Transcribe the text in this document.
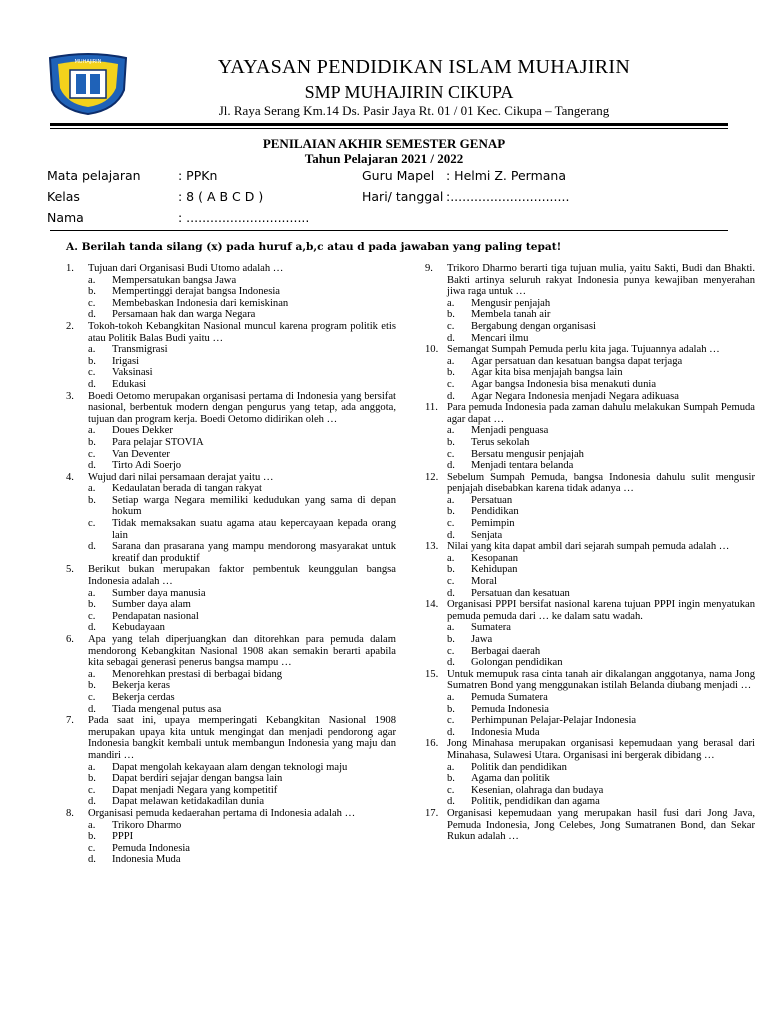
MUHAJIRIN	YAYASAN PENDIDIKAN ISLAM MUHAJIRIN
SMP MUHAJIRIN CIKUPA
Jl. Raya Serang Km.14 Ds. Pasir Jaya Rt. 01 / 01 Kec. Cikupa – Tangerang
PENILAIAN AKHIR SEMESTER GENAP
Tahun Pelajaran 2021 / 2022
Mata pelajaran	: PPKn	Guru Mapel : Helmi Z. Permana
Kelas	: 8 ( A B C D )	Hari/ tanggal :..............................
Nama	: ...............................
A. Berilah tanda silang (x) pada huruf a,b,c atau d pada jawaban yang paling tepat!
1. Tujuan dari Organisasi Budi Utomo adalah …
a. Mempersatukan bangsa Jawa
b. Mempertinggi derajat bangsa Indonesia
c. Membebaskan Indonesia dari kemiskinan
d. Persamaan hak dan warga Negara
2. Tokoh-tokoh Kebangkitan Nasional muncul karena program politik etis atau Politik Balas Budi yaitu …
a. Transmigrasi
b. Irigasi
c. Vaksinasi
d. Edukasi
3. Boedi Oetomo merupakan organisasi pertama di Indonesia yang bersifat nasional, berbentuk modern dengan pengurus yang tetap, ada anggota, tujuan dan program kerja. Boedi Oetomo didirikan oleh …
a. Doues Dekker
b. Para pelajar STOVIA
c. Van Deventer
d. Tirto Adi Soerjo
4. Wujud dari nilai persamaan derajat yaitu …
a. Kedaulatan berada di tangan rakyat
b. Setiap warga Negara memiliki kedudukan yang sama di depan hokum
c. Tidak memaksakan suatu agama atau kepercayaan kepada orang lain
d. Sarana dan prasarana yang mampu mendorong masyarakat untuk kreatif dan produktif
5. Berikut bukan merupakan faktor pembentuk keunggulan bangsa Indonesia adalah …
a. Sumber daya manusia
b. Sumber daya alam
c. Pendapatan nasional
d. Kebudayaan
6. Apa yang telah diperjuangkan dan ditorehkan para pemuda dalam mendorong Kebangkitan Nasional 1908 akan semakin berarti apabila kita sebagai generasi penerus bangsa mampu …
a. Menorehkan prestasi di berbagai bidang
b. Bekerja keras
c. Bekerja cerdas
d. Tiada mengenal putus asa
7. Pada saat ini, upaya memperingati Kebangkitan Nasional 1908 merupakan upaya kita untuk mengingat dan menjadi pendorong agar Indonesia bangkit kembali untuk membangun Indonesia yang maju dan mandiri …
a. Dapat mengolah kekayaan alam dengan teknologi maju
b. Dapat berdiri sejajar dengan bangsa lain
c. Dapat menjadi Negara yang kompetitif
d. Dapat melawan ketidakadilan dunia
8. Organisasi pemuda kedaerahan pertama di Indonesia adalah …
a. Trikoro Dharmo
b. PPPI
c. Pemuda Indonesia
d. Indonesia Muda
9. Trikoro Dharmo berarti tiga tujuan mulia, yaitu Sakti, Budi dan Bhakti. Bakti artinya seluruh rakyat Indonesia punya kewajiban menyerahan jiwa raga untuk …
a. Mengusir penjajah
b. Membela tanah air
c. Bergabung dengan organisasi
d. Mencari ilmu
10. Semangat Sumpah Pemuda perlu kita jaga. Tujuannya adalah …
a. Agar persatuan dan kesatuan bangsa dapat terjaga
b. Agar kita bisa menjajah bangsa lain
c. Agar bangsa Indonesia bisa menakuti dunia
d. Agar Negara Indonesia menjadi Negara adikuasa
11. Para pemuda Indonesia pada zaman dahulu melakukan Sumpah Pemuda agar dapat …
a. Menjadi penguasa
b. Terus sekolah
c. Bersatu mengusir penjajah
d. Menjadi tentara belanda
12. Sebelum Sumpah Pemuda, bangsa Indonesia dahulu sulit mengusir penjajah disebabkan karena tidak adanya …
a. Persatuan
b. Pendidikan
c. Pemimpin
d. Senjata
13. Nilai yang kita dapat ambil dari sejarah sumpah pemuda adalah …
a. Kesopanan
b. Kehidupan
c. Moral
d. Persatuan dan kesatuan
14. Organisasi PPPI bersifat nasional karena tujuan PPPI ingin menyatukan pemuda pemuda dari … ke dalam satu wadah.
a. Sumatera
b. Jawa
c. Berbagai daerah
d. Golongan pendidikan
15. Untuk memupuk rasa cinta tanah air dikalangan anggotanya, nama Jong Sumatren Bond yang menggunakan istilah Belanda diubang menjadi …
a. Pemuda Sumatera
b. Pemuda Indonesia
c. Perhimpunan Pelajar-Pelajar Indonesia
d. Indonesia Muda
16. Jong Minahasa merupakan organisasi kepemudaan yang berasal dari Minahasa, Sulawesi Utara. Organisasi ini bergerak dibidang …
a. Politik dan pendidikan
b. Agama dan politik
c. Kesenian, olahraga dan budaya
d. Politik, pendidikan dan agama
17. Organisasi kepemudaan yang merupakan hasil fusi dari Jong Java, Pemuda Indonesia, Jong Celebes, Jong Sumatranen Bond, dan Sekar Rukun adalah …
